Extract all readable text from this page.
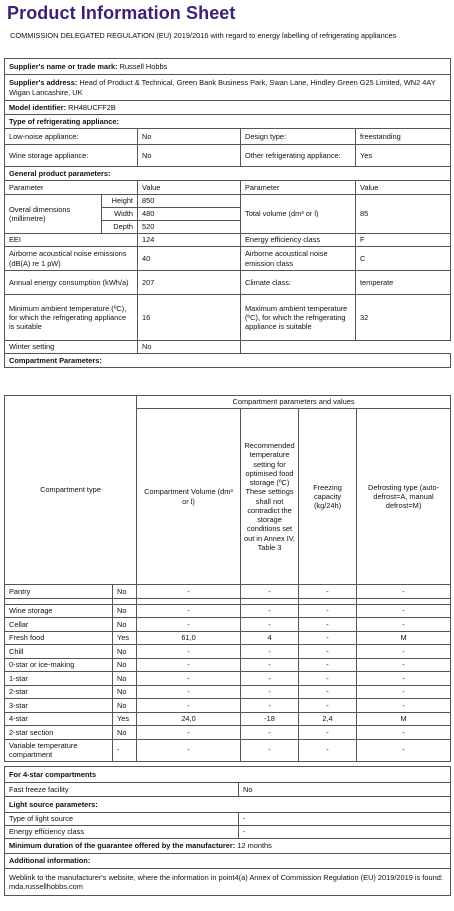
Product Information Sheet
COMMISSION DELEGATED REGULATION (EU) 2019/2016 with regard to energy labelling of refrigerating appliances
Supplier's name or trade mark: Russell Hobbs				
Supplier's address: Head of Product & Technical, Green Bank Business Park, Swan Lane, Hindley Green G25 Limited, WN2 4AY Wigan Lancashire, UK				
Model identifier: RH48UCFF2B				
Type of refrigerating appliance:				
Low-noise appliance:		No	Design type:	freestanding
Wine storage appliance:		No	Other refrigerating appliance:	Yes
General product parameters:				
Parameter		Value	Parameter	Value
Overal dimensions (millimetre)	Height	850	Total volume (dm³ or l)	85
	Width	480		
	Depth	520		
EEI		124	Energy efficiency class	F
Airborne acoustical noise emissions (dB(A) re 1 pW)		40	Airborne acoustical noise emission class	C
Annual energy consumption (kWh/a)		207	Climate class:	temperate
Minimum ambient temperature (ºC), for which the refrigerating appliance is suitable		16	Maximum ambient temperature (ºC), for which the refrigerating appliance is suitable	32
Winter setting		No		
Compartment Parameters:				
Compartment type		Compartment parameters and values			
		Compartment Volume (dm³ or l)	Recommended temperature setting for optimised food storage (ºC) These settings shall not contradict the storage conditions set out in Annex IV, Table 3	Freezing capacity (kg/24h)	Defrosting type (auto-defrost=A, manual defrost=M)
Pantry	No	-	-	-	-

Wine storage	No	-	-	-	-
Cellar	No	-	-	-	-
Fresh food	Yes	61,0	4	-	M
Chill	No	-	-	-	-
0-star or ice-making	No	-	-	-	-
1-star	No	-	-	-	-
2-star	No	-	-	-	-
3-star	No	-	-	-	-
4-star	Yes	24,0	-18	2,4	M
2-star section	No	-	-	-	-
Variable temperature compartment	-	-	-	-	-
For 4-star compartments	
Fast freeze facility	No
Light source parameters:	
Type of light source	-
Energy efficiency class	-
Minimum duration of the guarantee offered by the manufacturer: 12 months	
Additional information:	
Weblink to the manufacturer's website, where the information in point4(a) Annex of Commission Regulation (EU) 2019/2019 is found: mda.russellhobbs.com	
